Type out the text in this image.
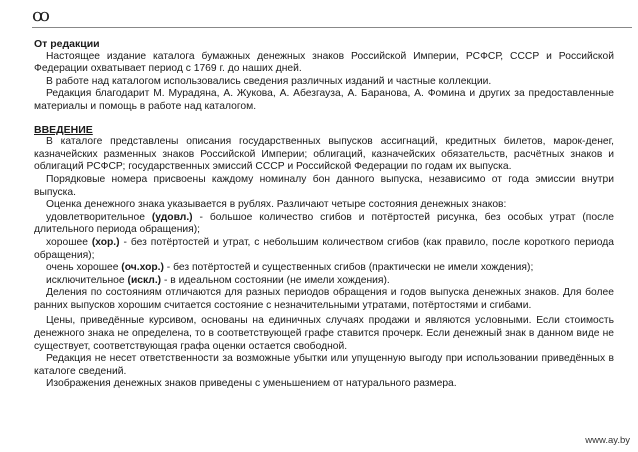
ꝏ
От редакции

Настоящее издание каталога бумажных денежных знаков Российской Империи, РСФСР, СССР и Российской Федерации охватывает период с 1769 г. до наших дней.

В работе над каталогом использовались сведения различных изданий и частные коллекции.

Редакция благодарит М. Мурадяна, А. Жукова, А. Абезгауза, А. Баранова, А. Фомина и других за предоставленные материалы и помощь в работе над каталогом.

ВВЕДЕНИЕ

В каталоге представлены описания государственных выпусков ассигнаций, кредитных билетов, марок-денег, казначейских разменных знаков Российской Империи; облигаций, казначейских обязательств, расчётных знаков и облигаций РСФСР; государственных эмиссий СССР и Российской Федерации по годам их выпуска.

Порядковые номера присвоены каждому номиналу бон данного выпуска, независимо от года эмиссии внутри выпуска.

Оценка денежного знака указывается в рублях. Различают четыре состояния денежных знаков:

удовлетворительное (удовл.) - большое количество сгибов и потёртостей рисунка, без особых утрат (после длительного периода обращения);

хорошее (хор.) - без потёртостей и утрат, с небольшим количеством сгибов (как правило, после короткого периода обращения);

очень хорошее (оч.хор.) - без потёртостей и существенных сгибов (практически не имели хождения);

исключительное (искл.) - в идеальном состоянии (не имели хождения).

Деления по состояниям отличаются для разных периодов обращения и годов выпуска денежных знаков. Для более ранних выпусков хорошим считается состояние с незначительными утратами, потёртостями и сгибами.

Цены, приведённые курсивом, основаны на единичных случаях продажи и являются условными. Если стоимость денежного знака не определена, то в соответствующей графе ставится прочерк. Если денежный знак в данном виде не существует, соответствующая графа оценки остается свободной.

Редакция не несет ответственности за возможные убытки или упущенную выгоду при использовании приведённых в каталоге сведений.

Изображения денежных знаков приведены с уменьшением от натурального размера.

www.ay.by
